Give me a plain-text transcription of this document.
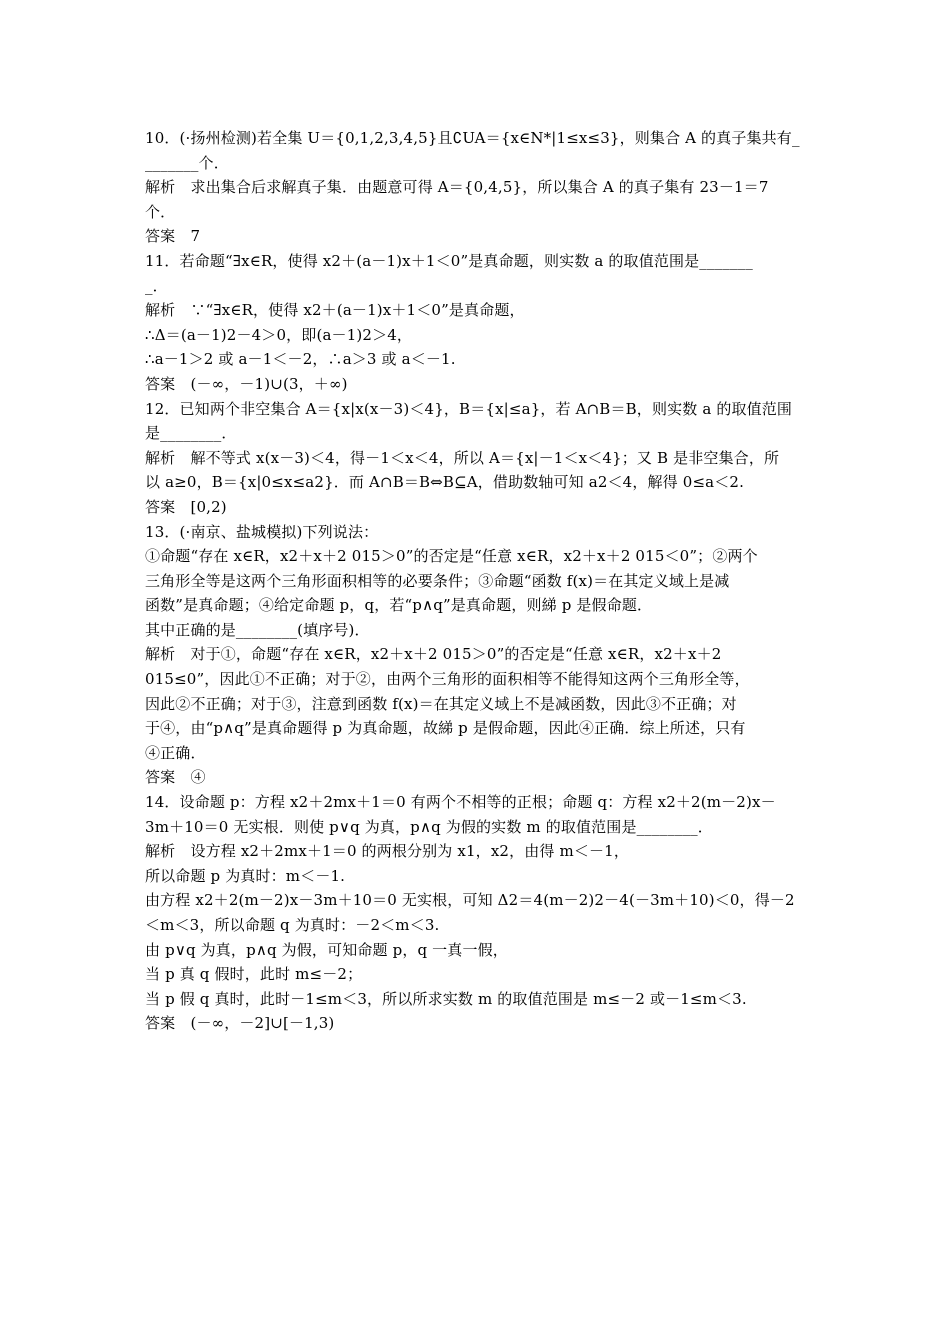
10．(·扬州检测)若全集 U＝{0,1,2,3,4,5}且∁UA＝{x∈N*|1≤x≤3}，则集合 A 的真子集共有_
_______个．
解析　求出集合后求解真子集．由题意可得 A＝{0,4,5}，所以集合 A 的真子集有 23－1＝7
个．
答案　7
11．若命题“∃x∈R，使得 x2＋(a－1)x＋1＜0”是真命题，则实数 a 的取值范围是_______
_．
解析　∵“∃x∈R，使得 x2＋(a－1)x＋1＜0”是真命题，
∴Δ＝(a－1)2－4＞0，即(a－1)2＞4，
∴a－1＞2 或 a－1＜－2，∴a＞3 或 a＜－1.
答案　(－∞，－1)∪(3，＋∞)
12．已知两个非空集合 A＝{x|x(x－3)＜4}，B＝{x|≤a}，若 A∩B＝B，则实数 a 的取值范围
是________．
解析　解不等式 x(x－3)＜4，得－1＜x＜4，所以 A＝{x|－1＜x＜4}；又 B 是非空集合，所
以 a≥0，B＝{x|0≤x≤a2}．而 A∩B＝B⇔B⊆A，借助数轴可知 a2＜4，解得 0≤a＜2.
答案　[0,2)
13．(·南京、盐城模拟)下列说法：
①命题“存在 x∈R，x2＋x＋2 015＞0”的否定是“任意 x∈R，x2＋x＋2 015＜0”；②两个
三角形全等是这两个三角形面积相等的必要条件；③命题“函数 f(x)＝在其定义域上是减
函数”是真命题；④给定命题 p，q，若“p∧q”是真命题，则綈 p 是假命题．
其中正确的是________(填序号)．
解析　对于①，命题“存在 x∈R，x2＋x＋2 015＞0”的否定是“任意 x∈R，x2＋x＋2
015≤0”，因此①不正确；对于②，由两个三角形的面积相等不能得知这两个三角形全等，
因此②不正确；对于③，注意到函数 f(x)＝在其定义域上不是减函数，因此③不正确；对
于④，由“p∧q”是真命题得 p 为真命题，故綈 p 是假命题，因此④正确．综上所述，只有
④正确．
答案　④
14．设命题 p：方程 x2＋2mx＋1＝0 有两个不相等的正根；命题 q：方程 x2＋2(m－2)x－
3m＋10＝0 无实根．则使 p∨q 为真，p∧q 为假的实数 m 的取值范围是________．
解析　设方程 x2＋2mx＋1＝0 的两根分别为 x1，x2，由得 m＜－1，
所以命题 p 为真时：m＜－1.
由方程 x2＋2(m－2)x－3m＋10＝0 无实根，可知 Δ2＝4(m－2)2－4(－3m＋10)＜0，得－2
＜m＜3，所以命题 q 为真时：－2＜m＜3.
由 p∨q 为真，p∧q 为假，可知命题 p，q 一真一假，
当 p 真 q 假时，此时 m≤－2；
当 p 假 q 真时，此时－1≤m＜3，所以所求实数 m 的取值范围是 m≤－2 或－1≤m＜3.
答案　(－∞，－2]∪[－1,3)
